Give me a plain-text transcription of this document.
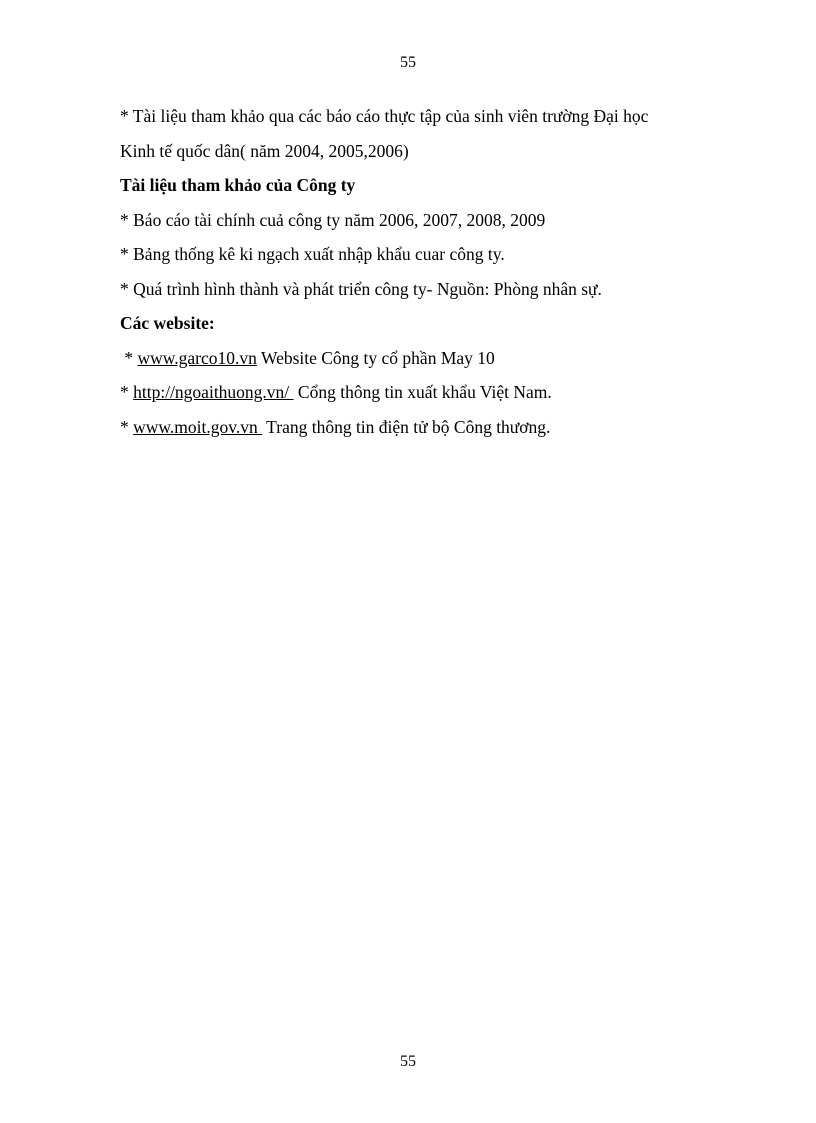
55
* Tài liệu tham khảo qua các báo cáo thực tập của sinh viên trường Đại học
Kinh tế quốc dân( năm 2004, 2005,2006)
Tài liệu tham khảo của Công ty
* Báo cáo tài chính cuả công ty năm 2006, 2007, 2008, 2009
* Bảng thống kê ki ngạch xuất nhập khẩu cuar công ty.
* Quá trình hình thành và phát triển công ty- Nguồn: Phòng nhân sự.
Các website:
* www.garco10.vn Website Công ty cổ phần May 10
* http://ngoaithuong.vn/  Cổng thông tin xuất khẩu Việt Nam.
* www.moit.gov.vn  Trang thông tin điện tử bộ Công thương.
55
